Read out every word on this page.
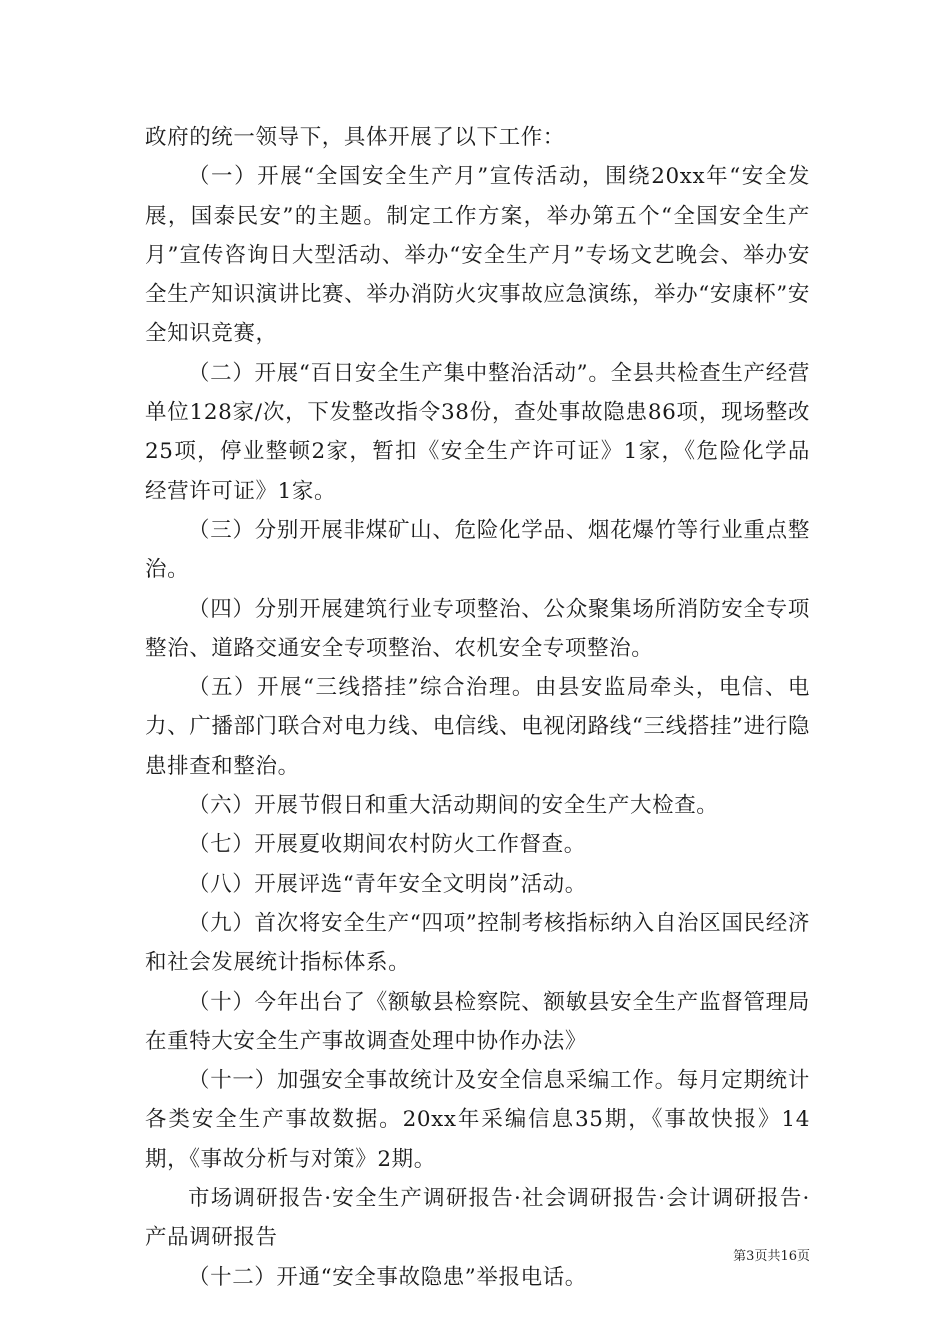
政府的统一领导下，具体开展了以下工作：

（一）开展“全国安全生产月”宣传活动，围绕20xx年“安全发展，国泰民安”的主题。制定工作方案，举办第五个“全国安全生产月”宣传咨询日大型活动、举办“安全生产月”专场文艺晚会、举办安全生产知识演讲比赛、举办消防火灾事故应急演练，举办“安康杯”安全知识竞赛，

（二）开展“百日安全生产集中整治活动”。全县共检查生产经营单位128家/次，下发整改指令38份，查处事故隐患86项，现场整改25项，停业整顿2家，暂扣《安全生产许可证》1家，《危险化学品经营许可证》1家。

（三）分别开展非煤矿山、危险化学品、烟花爆竹等行业重点整治。

（四）分别开展建筑行业专项整治、公众聚集场所消防安全专项整治、道路交通安全专项整治、农机安全专项整治。

（五）开展“三线搭挂”综合治理。由县安监局牵头，电信、电力、广播部门联合对电力线、电信线、电视闭路线“三线搭挂”进行隐患排查和整治。

（六）开展节假日和重大活动期间的安全生产大检查。

（七）开展夏收期间农村防火工作督查。

（八）开展评选“青年安全文明岗”活动。

（九）首次将安全生产“四项”控制考核指标纳入自治区国民经济和社会发展统计指标体系。

（十）今年出台了《额敏县检察院、额敏县安全生产监督管理局在重特大安全生产事故调查处理中协作办法》

（十一）加强安全事故统计及安全信息采编工作。每月定期统计各类安全生产事故数据。20xx年采编信息35期，《事故快报》14期，《事故分析与对策》2期。

市场调研报告·安全生产调研报告·社会调研报告·会计调研报告·产品调研报告

（十二）开通“安全事故隐患”举报电话。

第3页共16页
